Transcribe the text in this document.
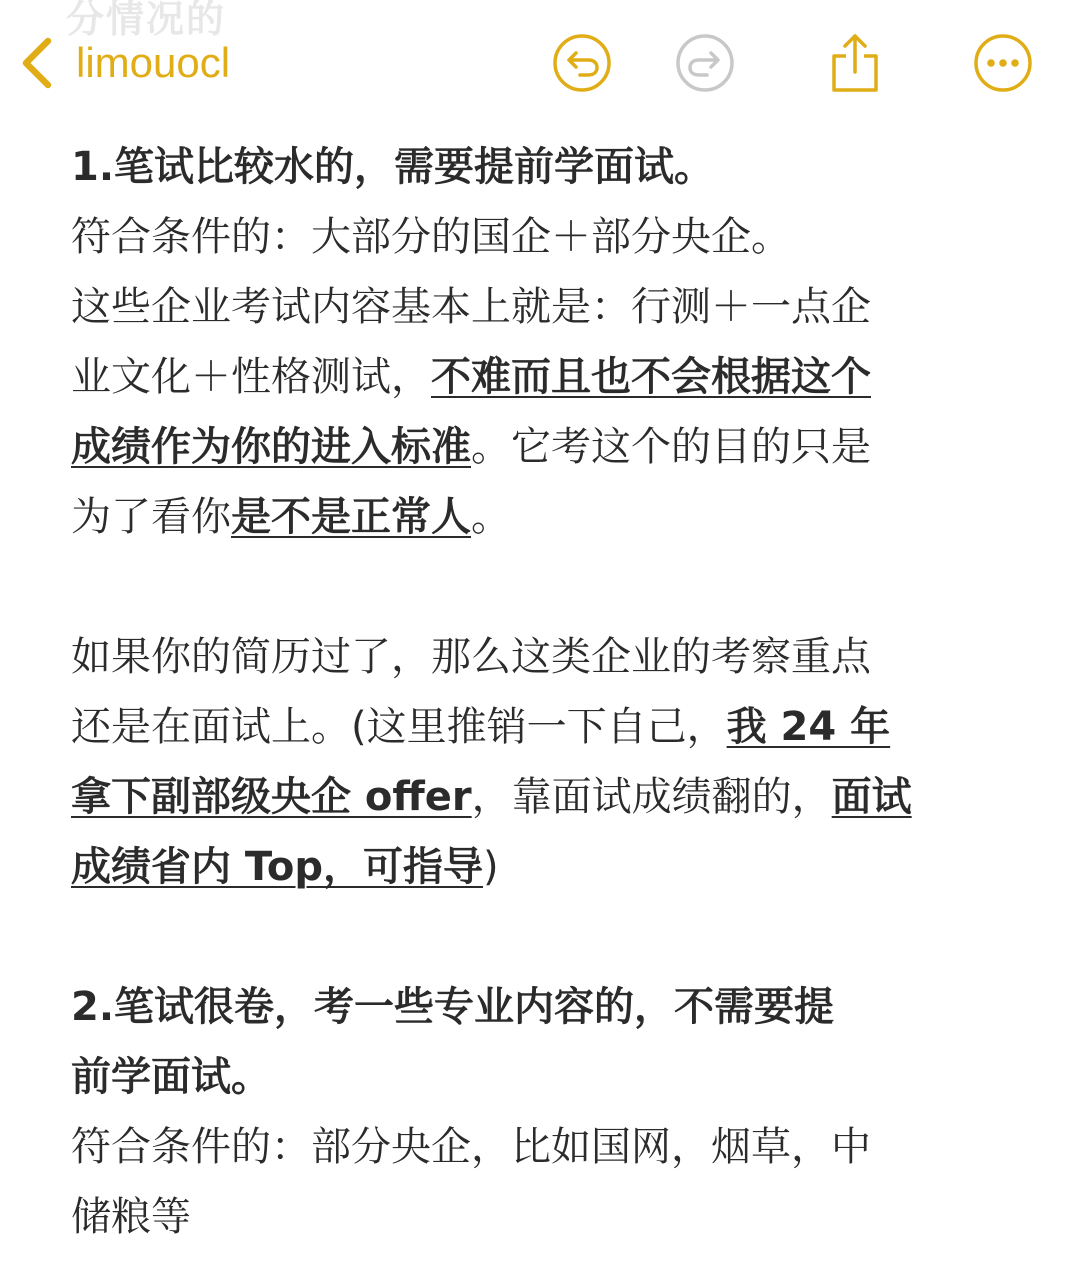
分情况的
limouocl

1.笔试比较水的，需要提前学面试。

符合条件的：大部分的国企＋部分央企。

这些企业考试内容基本上就是：行测＋一点企

业文化＋性格测试，不难而且也不会根据这个

成绩作为你的进入标准。它考这个的目的只是

为了看你是不是正常人。

如果你的简历过了，那么这类企业的考察重点

还是在面试上。(这里推销一下自己，我 24 年

拿下副部级央企 offer，靠面试成绩翻的，面试

成绩省内 Top，可指导)

2.笔试很卷，考一些专业内容的，不需要提

前学面试。

符合条件的：部分央企，比如国网，烟草，中

储粮等
